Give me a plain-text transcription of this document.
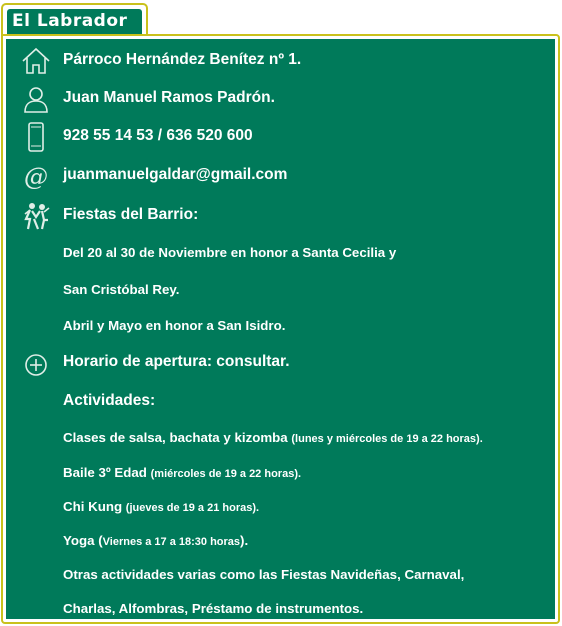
El Labrador
Párroco Hernández Benítez nº 1.
Juan Manuel Ramos Padrón.
928 55 14 53 / 636 520 600
@ juanmanuelgaldar@gmail.com
Fiestas del Barrio:
Del 20 al 30 de Noviembre en honor a Santa Cecilia y
San Cristóbal Rey.
Abril y Mayo en honor a San Isidro.
Horario de apertura: consultar.
Actividades:
Clases de salsa, bachata y kizomba (lunes y miércoles de 19 a 22 horas).
Baile 3º Edad (miércoles de 19 a 22 horas).
Chi Kung (jueves de 19 a 21 horas).
Yoga (Viernes a 17 a 18:30 horas).
Otras actividades varias como las Fiestas Navideñas, Carnaval,
Charlas, Alfombras, Préstamo de instrumentos.
